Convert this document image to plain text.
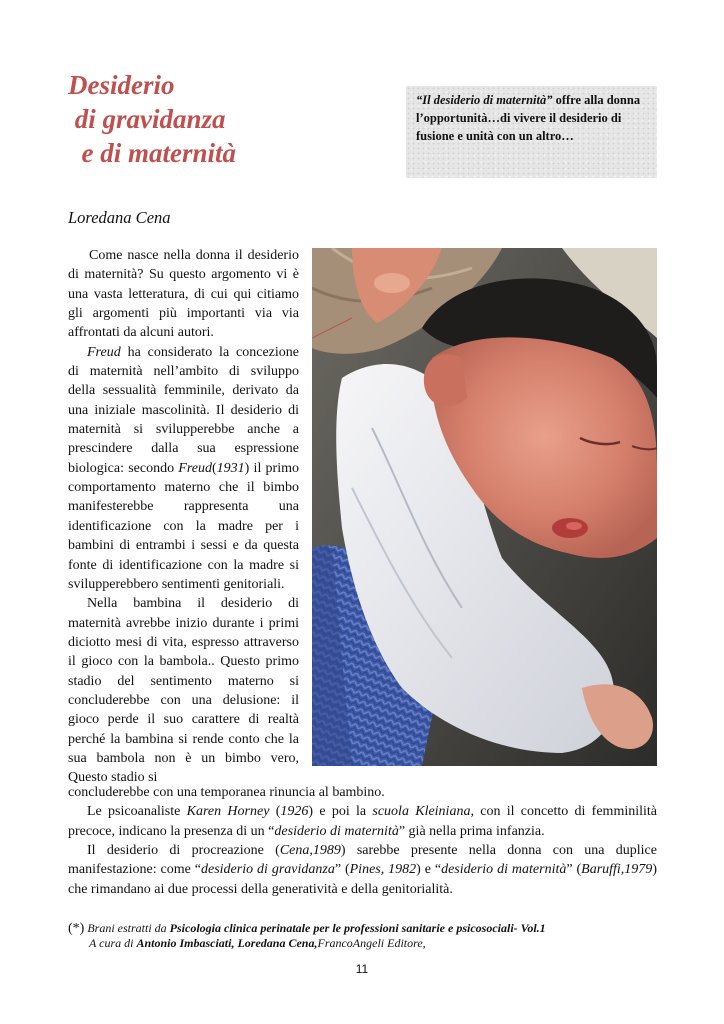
Desiderio
di gravidanza
e di maternità
“Il desiderio di maternità” offre alla donna l’opportunità…di vivere il desiderio di fusione e unità con un altro…
Loredana Cena

Come nasce nella donna il desiderio di maternità? Su questo argomento vi è una vasta letteratura, di cui qui citiamo gli argomenti più importanti via via affrontati da alcuni autori.

Freud ha considerato la concezione di maternità nell’ambito di sviluppo della sessualità femminile, derivato da una iniziale mascolinità. Il desiderio di maternità si svilupperebbe anche a prescindere dalla sua espressione biologica: secondo Freud(1931) il primo comportamento materno che il bimbo manifesterebbe rappresenta una identificazione con la madre per i bambini di entrambi i sessi e da questa fonte di identificazione con la madre si svilupperebbero sentimenti genitoriali.

Nella bambina il desiderio di maternità avrebbe inizio durante i primi diciotto mesi di vita, espresso attraverso il gioco con la bambola.. Questo primo stadio del sentimento materno si concluderebbe con una delusione: il gioco perde il suo carattere di realtà perché la bambina si rende conto che la sua bambola non è un bimbo vero, Questo stadio si

concluderebbe con una temporanea rinuncia al bambino.

Le psicoanaliste Karen Horney (1926) e poi la scuola Kleiniana, con il concetto di femminilità precoce, indicano la presenza di un “desiderio di maternità” già nella prima infanzia.

Il desiderio di procreazione (Cena,1989) sarebbe presente nella donna con una duplice manifestazione: come “desiderio di gravidanza” (Pines, 1982) e “desiderio di maternità” (Baruffi,1979) che rimandano ai due processi della generatività e della genitorialità.

(*) Brani estratti da Psicologia clinica perinatale per le professioni sanitarie e psicosociali- Vol.1
A cura di Antonio Imbasciati, Loredana Cena,FrancoAngeli Editore,
11
